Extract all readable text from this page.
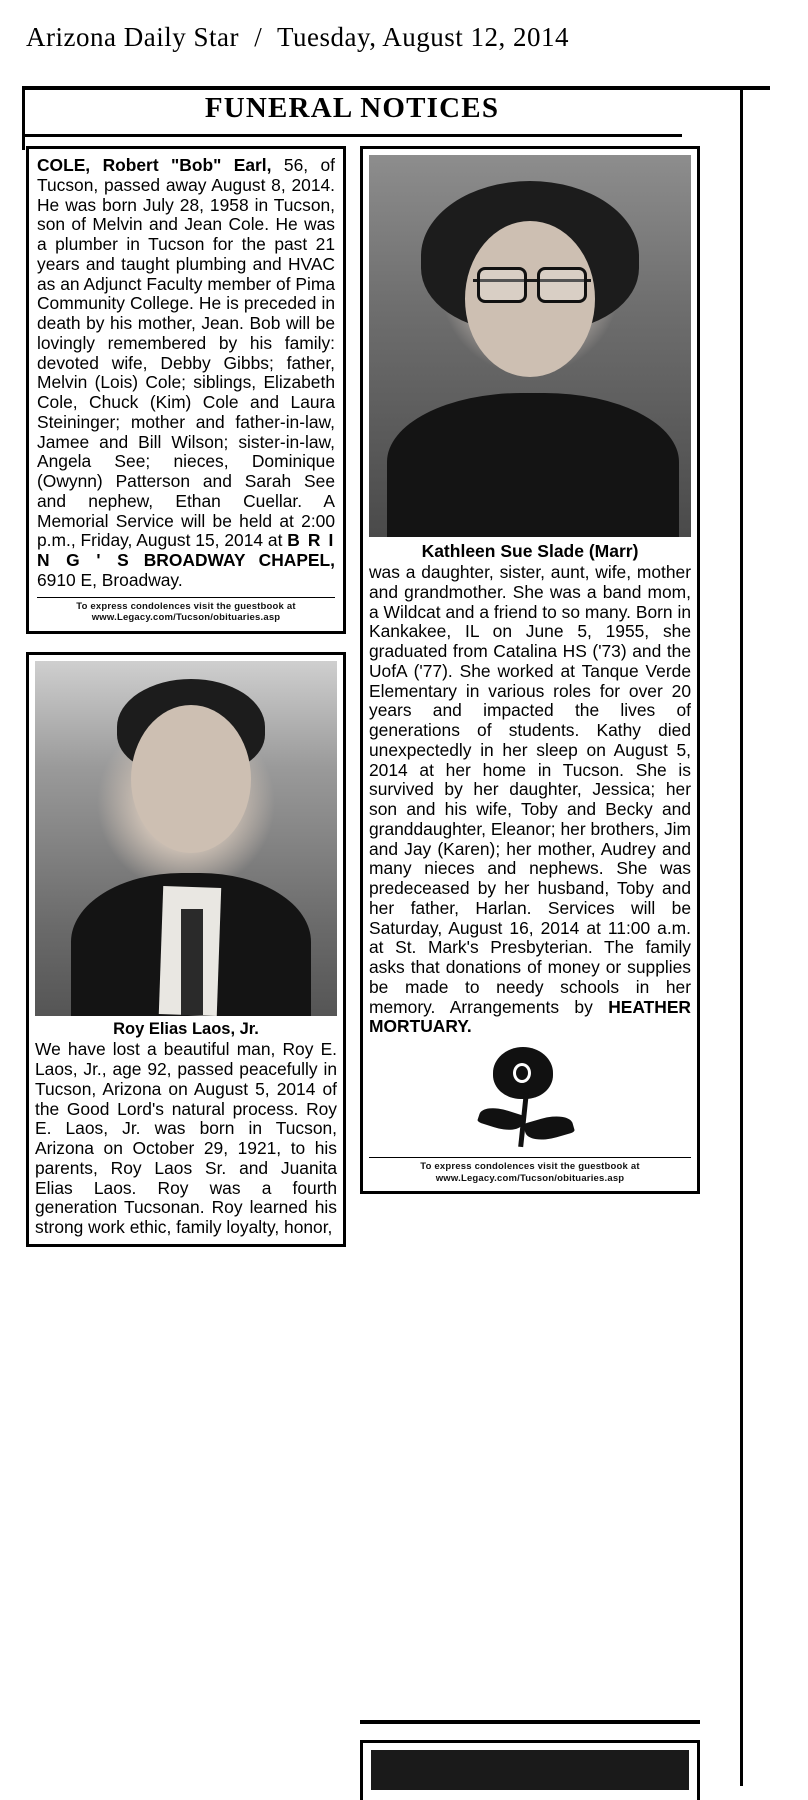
Arizona Daily Star / Tuesday, August 12, 2014
FUNERAL NOTICES
COLE, Robert "Bob" Earl, 56, of Tucson, passed away August 8, 2014. He was born July 28, 1958 in Tucson, son of Melvin and Jean Cole. He was a plumber in Tucson for the past 21 years and taught plumbing and HVAC as an Adjunct Faculty member of Pima Community College. He is preceded in death by his mother, Jean. Bob will be lovingly remembered by his family: devoted wife, Debby Gibbs; father, Melvin (Lois) Cole; siblings, Elizabeth Cole, Chuck (Kim) Cole and Laura Steininger; mother and father-in-law, Jamee and Bill Wilson; sister-in-law, Angela See; nieces, Dominique (Owynn) Patterson and Sarah See and nephew, Ethan Cuellar. A Memorial Service will be held at 2:00 p.m., Friday, August 15, 2014 at B R I N G ' S BROADWAY CHAPEL, 6910 E, Broadway.
To express condolences visit the guestbook at
www.Legacy.com/Tucson/obituaries.asp
Roy Elias Laos, Jr.
We have lost a beautiful man, Roy E. Laos, Jr., age 92, passed peacefully in Tucson, Arizona on August 5, 2014 of the Good Lord's natural process. Roy E. Laos, Jr. was born in Tucson, Arizona on October 29, 1921, to his parents, Roy Laos Sr. and Juanita Elias Laos. Roy was a fourth generation Tucsonan. Roy learned his strong work ethic, family loyalty, honor,
Kathleen Sue Slade (Marr)
was a daughter, sister, aunt, wife, mother and grandmother. She was a band mom, a Wildcat and a friend to so many. Born in Kankakee, IL on June 5, 1955, she graduated from Catalina HS ('73) and the UofA ('77). She worked at Tanque Verde Elementary in various roles for over 20 years and impacted the lives of generations of students. Kathy died unexpectedly in her sleep on August 5, 2014 at her home in Tucson. She is survived by her daughter, Jessica; her son and his wife, Toby and Becky and granddaughter, Eleanor; her brothers, Jim and Jay (Karen); her mother, Audrey and many nieces and nephews. She was predeceased by her husband, Toby and her father, Harlan. Services will be Saturday, August 16, 2014 at 11:00 a.m. at St. Mark's Presbyterian. The family asks that donations of money or supplies be made to needy schools in her memory. Arrangements by HEATHER MORTUARY.
To express condolences visit the guestbook at
www.Legacy.com/Tucson/obituaries.asp
